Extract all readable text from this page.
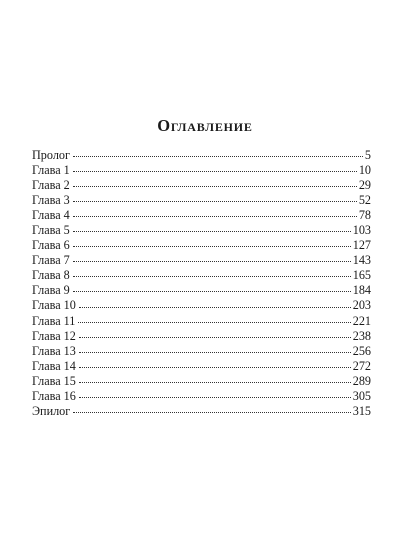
Оглавление
Пролог	5
Глава 1	10
Глава 2	29
Глава 3	52
Глава 4	78
Глава 5	103
Глава 6	127
Глава 7	143
Глава 8	165
Глава 9	184
Глава 10	203
Глава 11	221
Глава 12	238
Глава 13	256
Глава 14	272
Глава 15	289
Глава 16	305
Эпилог	315
